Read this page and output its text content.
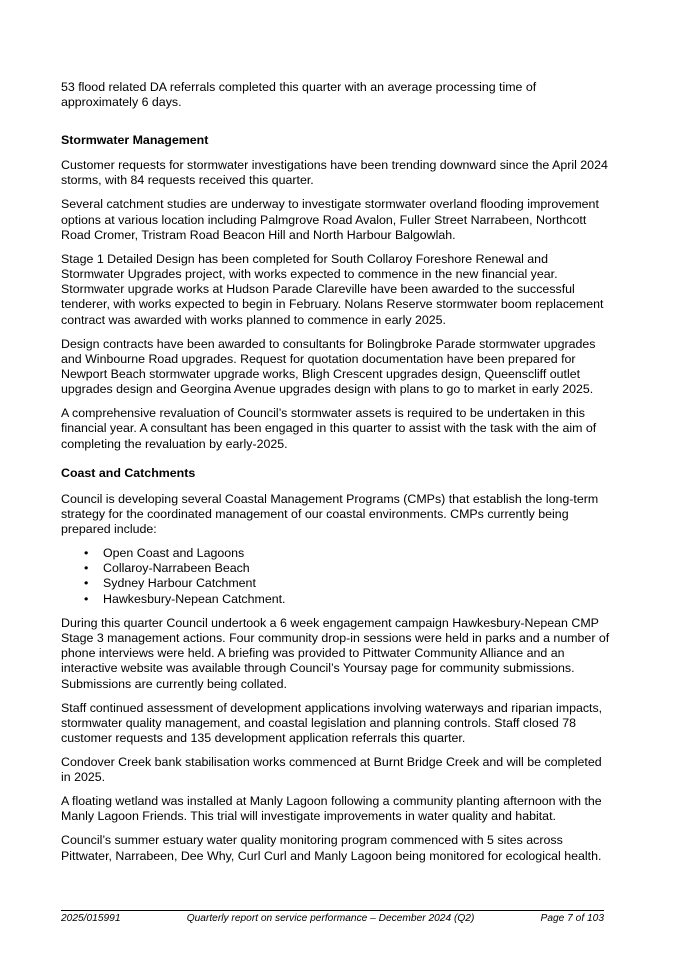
53 flood related DA referrals completed this quarter with an average processing time of approximately 6 days.

Stormwater Management

Customer requests for stormwater investigations have been trending downward since the April 2024 storms, with 84 requests received this quarter.

Several catchment studies are underway to investigate stormwater overland flooding improvement options at various location including Palmgrove Road Avalon, Fuller Street Narrabeen, Northcott Road Cromer, Tristram Road Beacon Hill and North Harbour Balgowlah.

Stage 1 Detailed Design has been completed for South Collaroy Foreshore Renewal and Stormwater Upgrades project, with works expected to commence in the new financial year. Stormwater upgrade works at Hudson Parade Clareville have been awarded to the successful tenderer, with works expected to begin in February. Nolans Reserve stormwater boom replacement contract was awarded with works planned to commence in early 2025.

Design contracts have been awarded to consultants for Bolingbroke Parade stormwater upgrades and Winbourne Road upgrades. Request for quotation documentation have been prepared for Newport Beach stormwater upgrade works, Bligh Crescent upgrades design, Queenscliff outlet upgrades design and Georgina Avenue upgrades design with plans to go to market in early 2025.

A comprehensive revaluation of Council’s stormwater assets is required to be undertaken in this financial year. A consultant has been engaged in this quarter to assist with the task with the aim of completing the revaluation by early-2025.

Coast and Catchments

Council is developing several Coastal Management Programs (CMPs) that establish the long-term strategy for the coordinated management of our coastal environments. CMPs currently being prepared include:

• Open Coast and Lagoons
• Collaroy-Narrabeen Beach
• Sydney Harbour Catchment
• Hawkesbury-Nepean Catchment.

During this quarter Council undertook a 6 week engagement campaign Hawkesbury-Nepean CMP Stage 3 management actions. Four community drop-in sessions were held in parks and a number of phone interviews were held. A briefing was provided to Pittwater Community Alliance and an interactive website was available through Council’s Yoursay page for community submissions. Submissions are currently being collated.

Staff continued assessment of development applications involving waterways and riparian impacts, stormwater quality management, and coastal legislation and planning controls. Staff closed 78 customer requests and 135 development application referrals this quarter.

Condover Creek bank stabilisation works commenced at Burnt Bridge Creek and will be completed in 2025.

A floating wetland was installed at Manly Lagoon following a community planting afternoon with the Manly Lagoon Friends. This trial will investigate improvements in water quality and habitat.

Council’s summer estuary water quality monitoring program commenced with 5 sites across Pittwater, Narrabeen, Dee Why, Curl Curl and Manly Lagoon being monitored for ecological health.

2025/015991	Quarterly report on service performance – December 2024 (Q2)	Page 7 of 103
